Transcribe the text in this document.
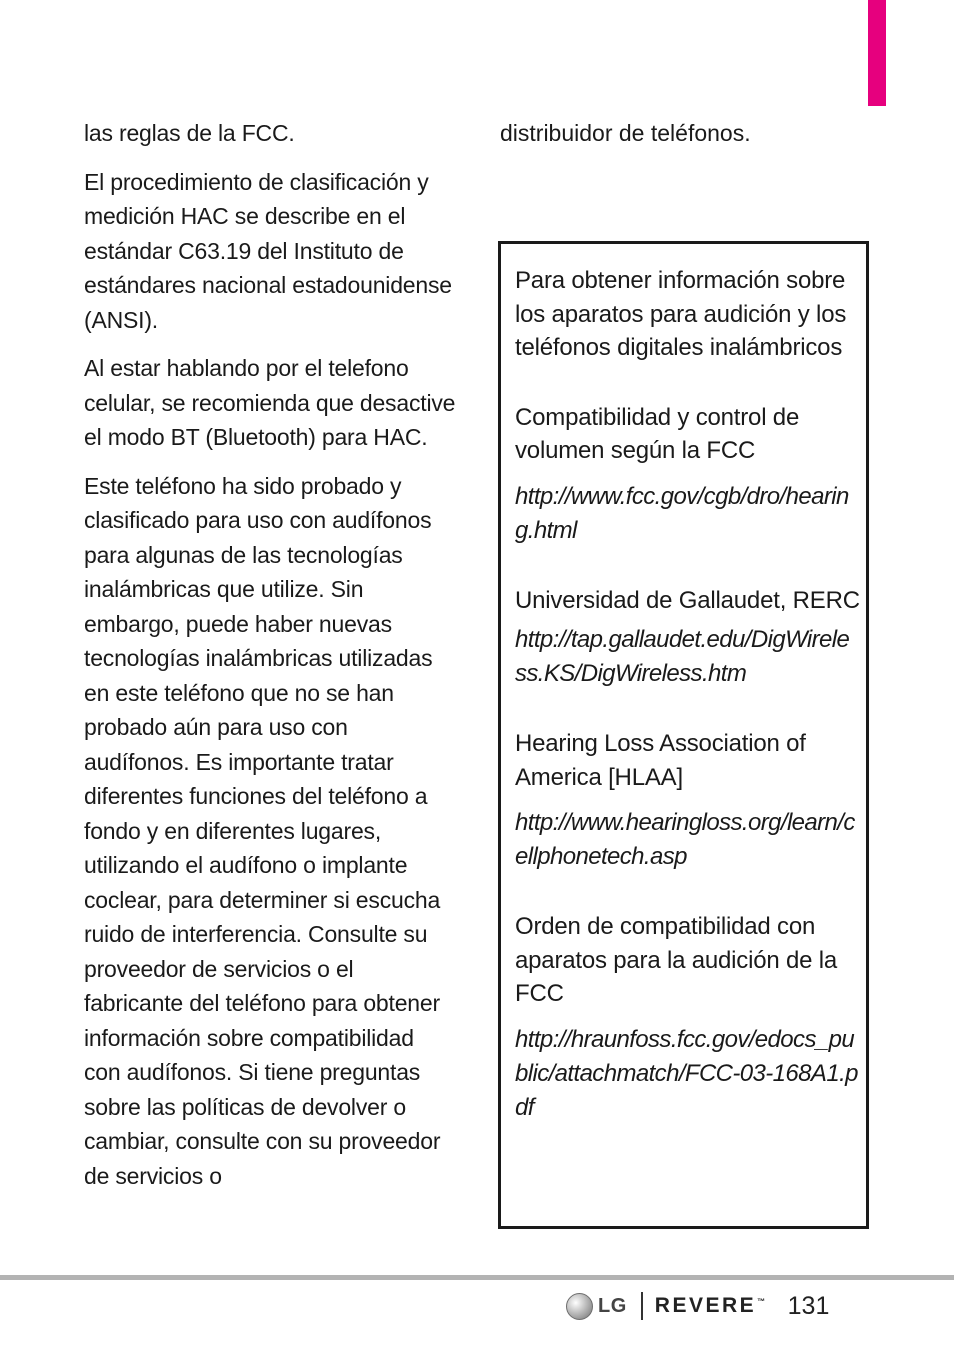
las reglas de la FCC.

El procedimiento de clasificación y medición HAC se describe en el estándar C63.19 del Instituto de estándares nacional estadounidense (ANSI).

Al estar hablando por el telefono celular, se recomienda que desactive el modo BT (Bluetooth) para HAC.

Este teléfono ha sido probado y clasificado para uso con audífonos para algunas de las tecnologías inalámbricas que utilize. Sin embargo, puede haber nuevas tecnologías inalámbricas utilizadas en este teléfono que no se han probado aún para uso con audífonos. Es importante tratar diferentes funciones del teléfono a fondo y en diferentes lugares, utilizando el audífono o implante coclear, para determiner si escucha ruido de interferencia. Consulte su proveedor de servicios o el fabricante del teléfono para obtener información sobre compatibilidad con audífonos. Si tiene preguntas sobre las políticas de devolver o cambiar, consulte con su proveedor de servicios o

distribuidor de teléfonos.

Para obtener información sobre los aparatos para audición y los teléfonos digitales inalámbricos
Compatibilidad y control de volumen según la FCC

http://www.fcc.gov/cgb/dro/hearing.html

Universidad de Gallaudet, RERC

http://tap.gallaudet.edu/DigWireless.KS/DigWireless.htm

Hearing Loss Association of America [HLAA]

http://www.hearingloss.org/learn/cellphonetech.asp

Orden de compatibilidad con aparatos para la audición de la FCC

http://hraunfoss.fcc.gov/edocs_public/attachmatch/FCC-03-168A1.pdf

LG REVERE™ 131
